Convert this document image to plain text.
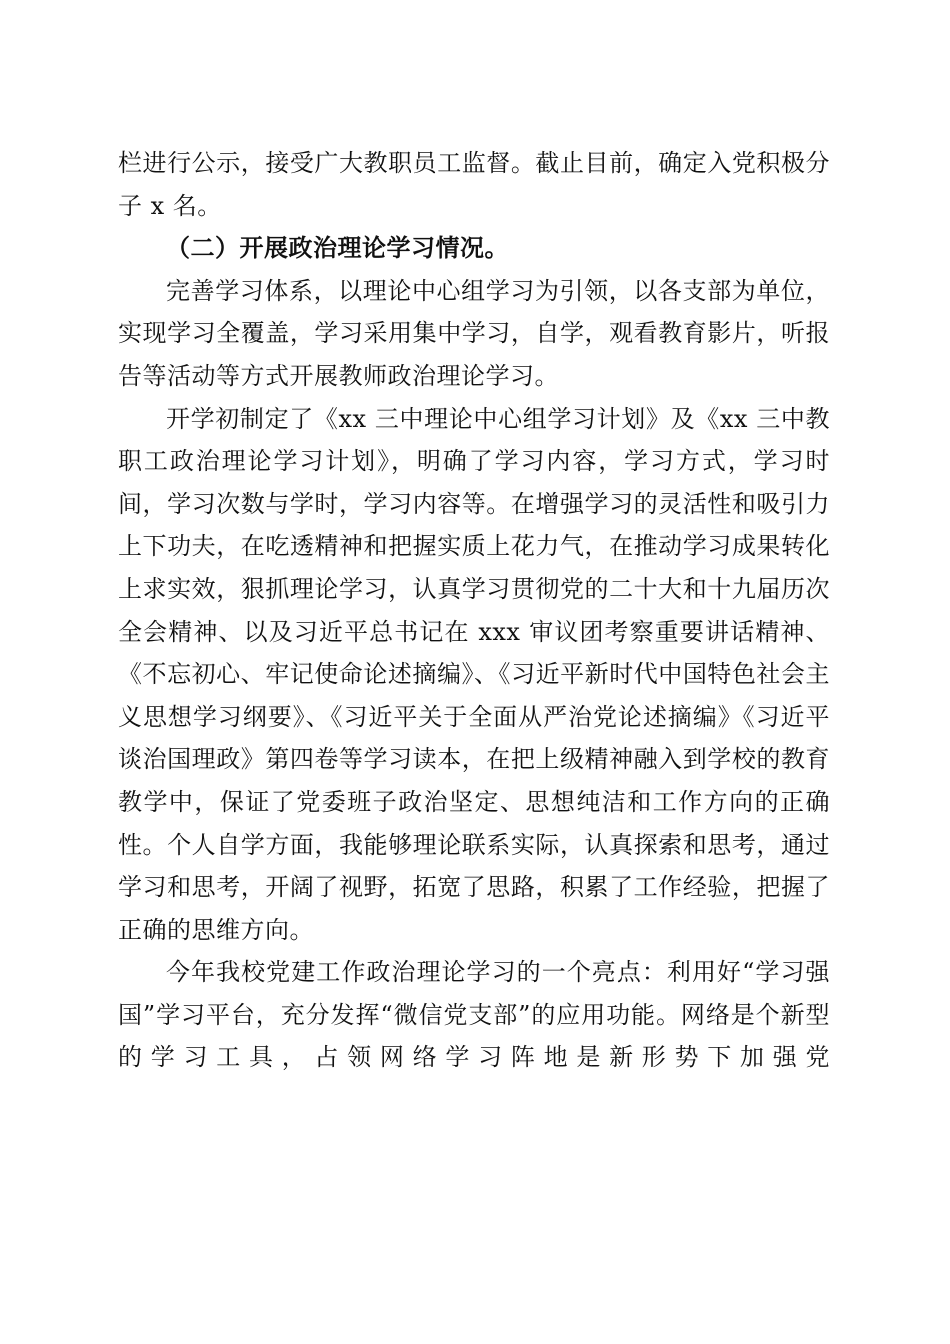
栏进行公示，接受广大教职员工监督。截止目前，确定入党积极分子 x 名。

（二）开展政治理论学习情况。

完善学习体系，以理论中心组学习为引领，以各支部为单位，实现学习全覆盖，学习采用集中学习，自学，观看教育影片，听报告等活动等方式开展教师政治理论学习。

开学初制定了《xx 三中理论中心组学习计划》及《xx 三中教职工政治理论学习计划》，明确了学习内容，学习方式，学习时间，学习次数与学时，学习内容等。在增强学习的灵活性和吸引力上下功夫，在吃透精神和把握实质上花力气，在推动学习成果转化上求实效，狠抓理论学习，认真学习贯彻党的二十大和十九届历次全会精神、以及习近平总书记在 xxx 审议团考察重要讲话精神、《不忘初心、牢记使命论述摘编》、《习近平新时代中国特色社会主义思想学习纲要》、《习近平关于全面从严治党论述摘编》《习近平谈治国理政》第四卷等学习读本，在把上级精神融入到学校的教育教学中，保证了党委班子政治坚定、思想纯洁和工作方向的正确性。个人自学方面，我能够理论联系实际，认真探索和思考，通过学习和思考，开阔了视野，拓宽了思路，积累了工作经验，把握了正确的思维方向。

今年我校党建工作政治理论学习的一个亮点：利用好“学习强国”学习平台，充分发挥“微信党支部”的应用功能。网络是个新型的学习工具，占领网络学习阵地是新形势下加强党
